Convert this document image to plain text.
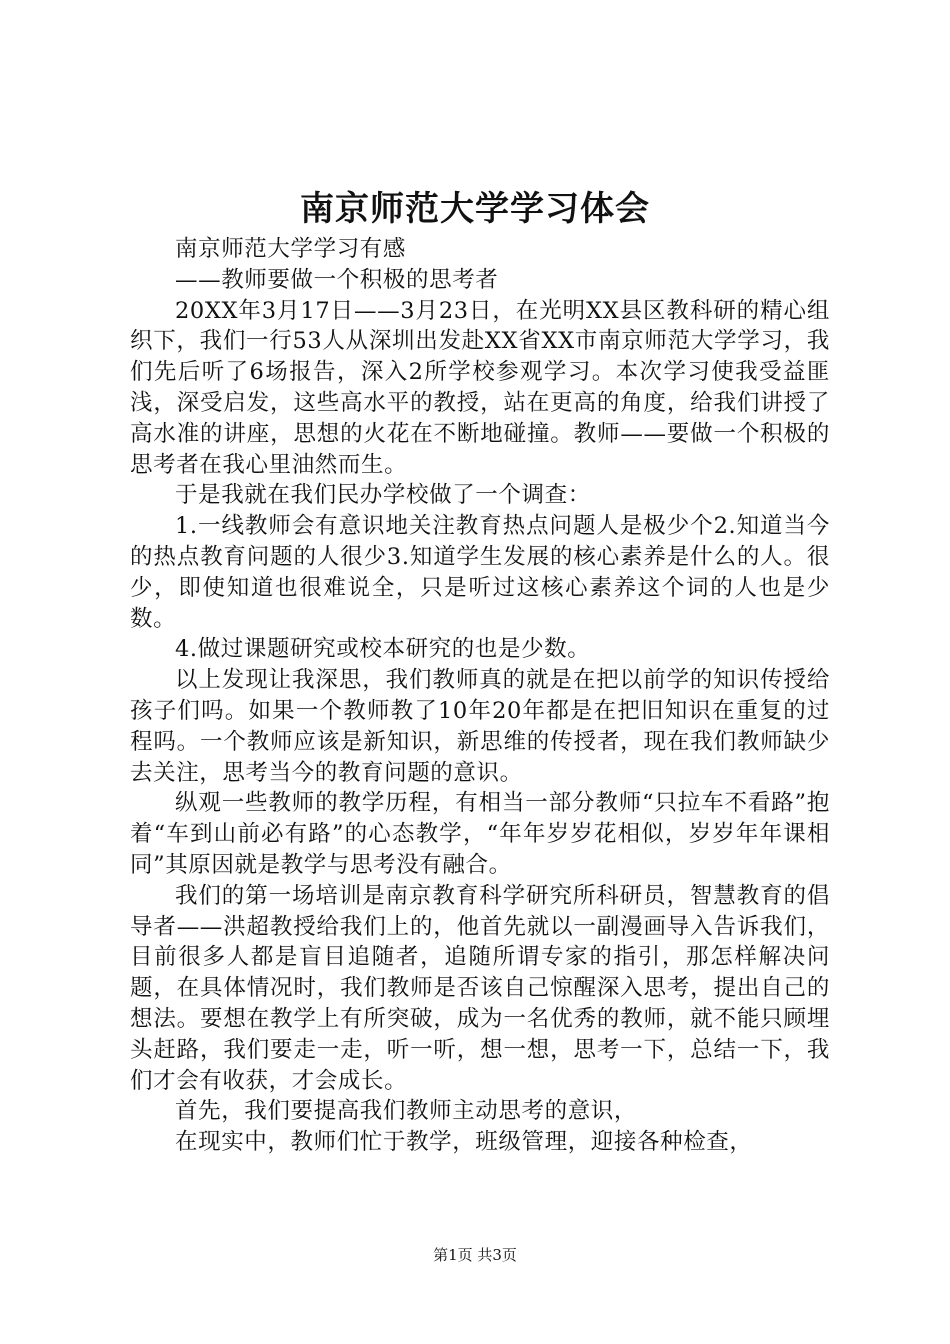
南京师范大学学习体会

南京师范大学学习有感

——教师要做一个积极的思考者

20XX年3月17日——3月23日，在光明XX县区教科研的精心组织下，我们一行53人从深圳出发赴XX省XX市南京师范大学学习，我们先后听了6场报告，深入2所学校参观学习。本次学习使我受益匪浅，深受启发，这些高水平的教授，站在更高的角度，给我们讲授了高水准的讲座，思想的火花在不断地碰撞。教师——要做一个积极的思考者在我心里油然而生。

于是我就在我们民办学校做了一个调查：

1.一线教师会有意识地关注教育热点问题人是极少个2.知道当今的热点教育问题的人很少3.知道学生发展的核心素养是什么的人。很少，即使知道也很难说全，只是听过这核心素养这个词的人也是少数。

4.做过课题研究或校本研究的也是少数。

以上发现让我深思，我们教师真的就是在把以前学的知识传授给孩子们吗。如果一个教师教了10年20年都是在把旧知识在重复的过程吗。一个教师应该是新知识，新思维的传授者，现在我们教师缺少去关注，思考当今的教育问题的意识。

纵观一些教师的教学历程，有相当一部分教师“只拉车不看路”抱着“车到山前必有路”的心态教学，“年年岁岁花相似，岁岁年年课相同”其原因就是教学与思考没有融合。

我们的第一场培训是南京教育科学研究所科研员，智慧教育的倡导者——洪超教授给我们上的，他首先就以一副漫画导入告诉我们，目前很多人都是盲目追随者，追随所谓专家的指引，那怎样解决问题，在具体情况时，我们教师是否该自己惊醒深入思考，提出自己的想法。要想在教学上有所突破，成为一名优秀的教师，就不能只顾埋头赶路，我们要走一走，听一听，想一想，思考一下，总结一下，我们才会有收获，才会成长。

首先，我们要提高我们教师主动思考的意识，

在现实中，教师们忙于教学，班级管理，迎接各种检查，

第1页 共3页
